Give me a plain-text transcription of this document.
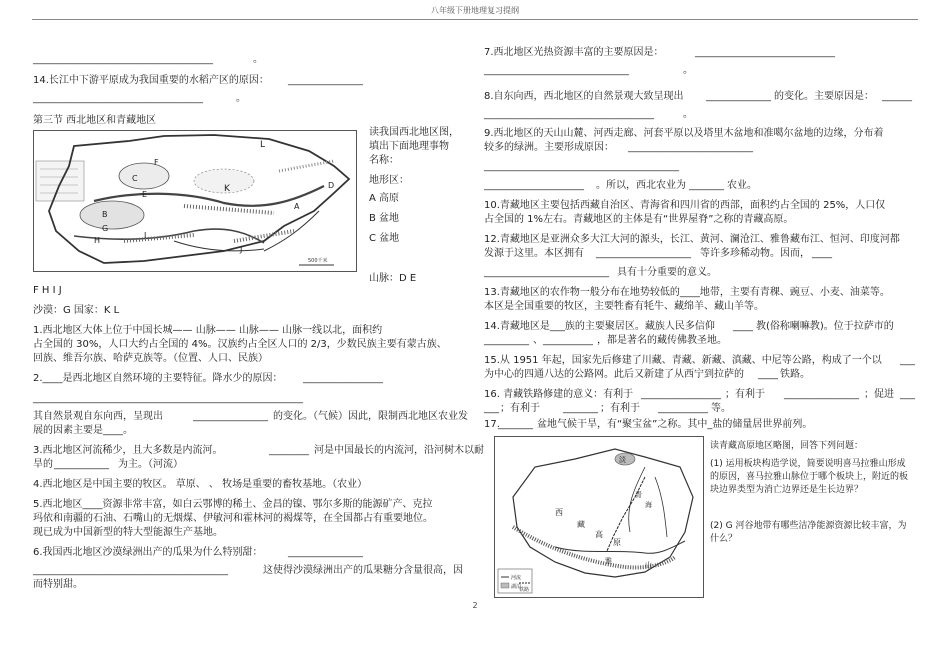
八年级下册地理复习提纲
____________________________________	。
14.长江中下游平原成为我国重要的水稻产区的原因： _______________
__________________________________	。
第三节 西北地区和青藏地区
500千米
L
K
F
C
E
D
A
B
G
H
I
J
读我国西北地区图，
填出下面地理事物
名称：
地形区：
A 高原
B 盆地
C 盆地
山脉：D E
F H I J
沙漠：G 国家：K L
1.西北地区大体上位于中国长城—— 山脉—— 山脉—— 山脉一线以北，面积约
占全国的 30%，人口大约占全国的 4%。汉族约占全区人口的 2/3，少数民族主要有蒙古族、
回族、维吾尔族、哈萨克族等。（位置、人口、民族）
2.____是西北地区自然环境的主要特征。降水少的原因： ________________
______________________________________________________
其自然景观自东向西，呈现出	_______________ 的变化。（气候）因此，限制西北地区农业发
展的因素主要是____。
3.西北地区河流稀少，且大多数是内流河。	________ 河是中国最长的内流河，沿河树木以耐
旱的 ___________ 为主。（河流）
4.西北地区是中国主要的牧区。 草原、 、 牧场是重要的畜牧基地。（农业）
5.西北地区____资源非常丰富，如白云鄂博的稀土、金昌的镍、鄂尔多斯的能源矿产、克拉
玛依和南疆的石油、石嘴山的无烟煤、伊敏河和霍林河的褐煤等，在全国都占有重要地位。
现已成为中国新型的特大型能源生产基地。
6.我国西北地区沙漠绿洲出产的瓜果为什么特别甜：	_______________
_______________________________________	这使得沙漠绿洲出产的瓜果糖分含量很高，因
而特别甜。
7.西北地区光热资源丰富的主要原因是：	____________________________
_____________________________	。
8.自东向西，西北地区的自然景观大致呈现出 _____________ 的变化。主要原因是： ______
__________________________________	。
9.西北地区的天山山麓、河西走廊、河套平原以及塔里木盆地和准噶尔盆地的边缘，分布着
较多的绿洲。主要形成原因： _________________________
_______________________________________
____________________ 。所以，西北农业为 _______ 农业。
10.青藏地区主要包括西藏自治区、青海省和四川省的西部，面积约占全国的 25%，人口仅
占全国的 1%左右。青藏地区的主体是有“世界屋脊”之称的青藏高原。
12.青藏地区是亚洲众多大江大河的源头，长江、黄河、澜沧江、雅鲁藏布江、恒河、印度河都
发源于这里。本区拥有 ___________________ 等许多珍稀动物。因而， ____
_________________________ 具有十分重要的意义。
13.青藏地区的农作物一般分布在地势较低的____地带，主要有青稞、豌豆、小麦、油菜等。
本区是全国重要的牧区，主要牲畜有牦牛、藏绵羊、藏山羊等。
14.青藏地区是___族的主要聚居区。藏族人民多信仰 ____ 教(俗称喇嘛教)。位于拉萨市的
_________ 、 __________ ，都是著名的藏传佛教圣地。
15.从 1951 年起，国家先后修建了川藏、青藏、新藏、滇藏、中尼等公路，构成了一个以 ___
为中心的四通八达的公路网。此后又新建了从西宁到拉萨的 ____ 铁路。
16. 青藏铁路修建的意义：有利于 ________________ ；有利于 _______________ ；促进 ___
___ ；有利于 _______ ；有利于 __________ 等。
17.
_______ 盆地气候干旱，有“聚宝盆”之称。其中_盐的储量居世界前列。
淡
西
藏
高
原
青
海
雅	山
河流
湖泊
铁路
读青藏高原地区略图，回答下列问题：
(1) 运用板块构造学说，简要说明喜马拉雅山形成的原因，喜马拉雅山脉位于哪个板块上，附近的板块边界类型为消亡边界还是生长边界？
(2) G 河谷地带有哪些洁净能源资源比较丰富，为什么？
2
